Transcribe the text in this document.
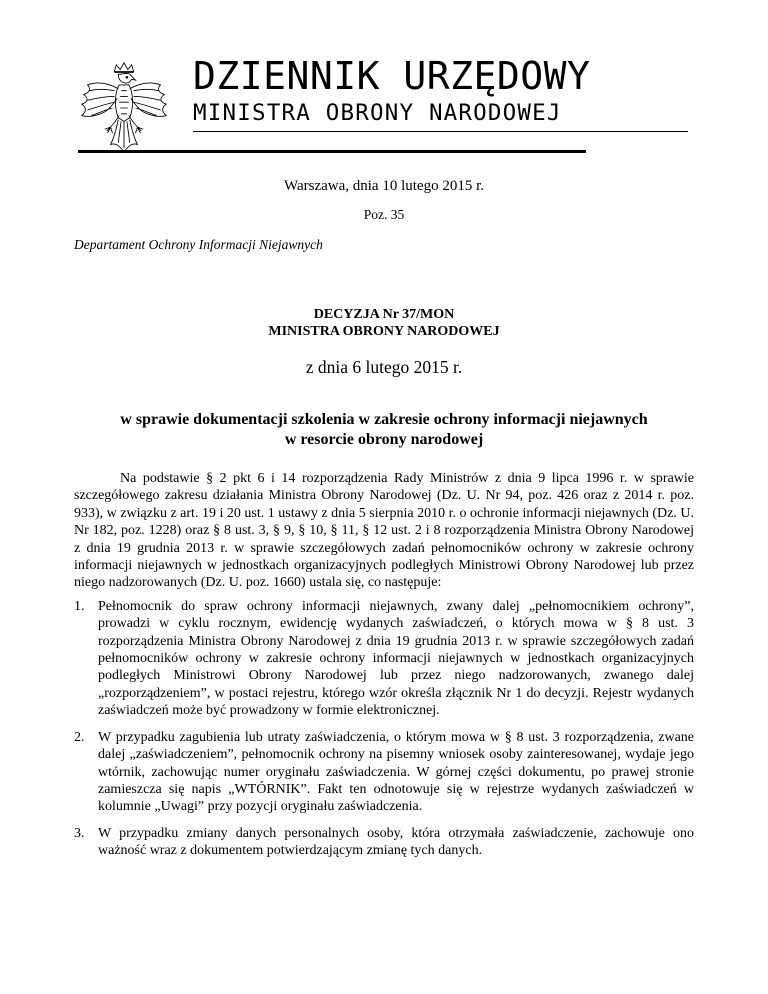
DZIENNIK URZĘDOWY
MINISTRA OBRONY NARODOWEJ

Warszawa, dnia 10 lutego 2015 r.

Poz. 35

Departament Ochrony Informacji Niejawnych

DECYZJA Nr 37/MON
MINISTRA OBRONY NARODOWEJ

z dnia 6 lutego 2015 r.

w sprawie dokumentacji szkolenia w zakresie ochrony informacji niejawnych
w resorcie obrony narodowej

Na podstawie § 2 pkt 6 i 14 rozporządzenia Rady Ministrów z dnia 9 lipca 1996 r. w sprawie szczegółowego zakresu działania Ministra Obrony Narodowej (Dz. U. Nr 94, poz. 426 oraz z 2014 r. poz. 933), w związku z art. 19 i 20 ust. 1 ustawy z dnia 5 sierpnia 2010 r. o ochronie informacji niejawnych (Dz. U. Nr 182, poz. 1228) oraz § 8 ust. 3, § 9, § 10, § 11, § 12 ust. 2 i 8 rozporządzenia Ministra Obrony Narodowej z dnia 19 grudnia 2013 r. w sprawie szczegółowych zadań pełnomocników ochrony w zakresie ochrony informacji niejawnych w jednostkach organizacyjnych podległych Ministrowi Obrony Narodowej lub przez niego nadzorowanych (Dz. U. poz. 1660) ustala się, co następuje:

1. Pełnomocnik do spraw ochrony informacji niejawnych, zwany dalej „pełnomocnikiem ochrony”, prowadzi w cyklu rocznym, ewidencję wydanych zaświadczeń, o których mowa w § 8 ust. 3 rozporządzenia Ministra Obrony Narodowej z dnia 19 grudnia 2013 r. w sprawie szczegółowych zadań pełnomocników ochrony w zakresie ochrony informacji niejawnych w jednostkach organizacyjnych podległych Ministrowi Obrony Narodowej lub przez niego nadzorowanych, zwanego dalej „rozporządzeniem”, w postaci rejestru, którego wzór określa złącznik Nr 1 do decyzji. Rejestr wydanych zaświadczeń może być prowadzony w formie elektronicznej.
2. W przypadku zagubienia lub utraty zaświadczenia, o którym mowa w § 8 ust. 3 rozporządzenia, zwane dalej „zaświadczeniem”, pełnomocnik ochrony na pisemny wniosek osoby zainteresowanej, wydaje jego wtórnik, zachowując numer oryginału zaświadczenia. W górnej części dokumentu, po prawej stronie zamieszcza się napis „WTÓRNIK”. Fakt ten odnotowuje się w rejestrze wydanych zaświadczeń w kolumnie „Uwagi” przy pozycji oryginału zaświadczenia.
3. W przypadku zmiany danych personalnych osoby, która otrzymała zaświadczenie, zachowuje ono ważność wraz z dokumentem potwierdzającym zmianę tych danych.
